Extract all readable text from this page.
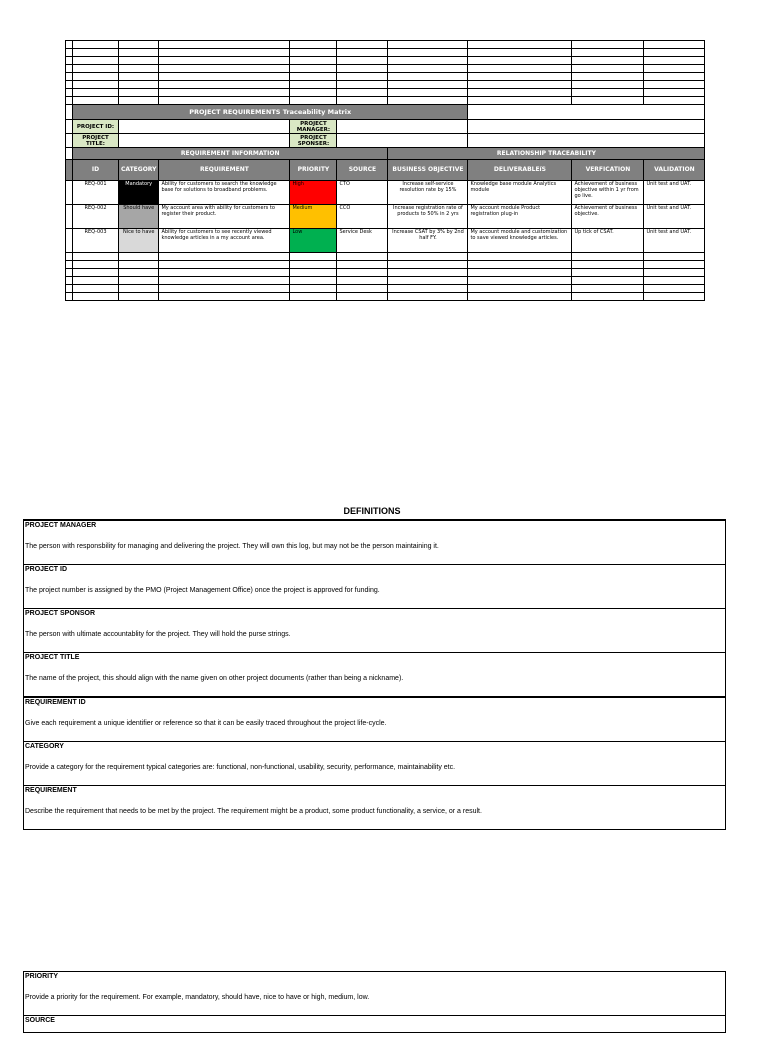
	PROJECT REQUIREMENTS Traceability Matrix								
	PROJECT ID:			PROJECT MANAGER:					
	PROJECT TITLE:			PROJECT SPONSER:					
	REQUIREMENT INFORMATION					RELATIONSHIP TRACEABILITY			
	ID	CATEGORY	REQUIREMENT	PRIORITY	SOURCE	BUSINESS OBJECTIVE	DELIVERABLEíS	VERFICATION	VALIDATION
	REQ-001	Mandatory	Ability for customers to search the knowledge base for solutions to broadband problems.	High	CTO	Increase self-service resolution rate by 15%	Knowledge base module Analytics module	Achievement of business objective within 1 yr from go live.	Unit test and UAT.
	REQ-002	Should have	My account area with ability for customers to register their product.	Medium	CCO	Increase registration rate of products to 50% in 2 yrs	My account module Product registration plug-in	Achievement of business objective.	Unit test and UAT.
	REQ-003	Nice to have	Ability for customers to see recently viewed knowledge articles in a my account area.	Low	Service Desk	Increase CSAT by 3% by 2nd half FY.	My account module and customization to save viewed knowledge articles.	Up tick of CSAT.	Unit test and UAT.

DEFINITIONS
PROJECT MANAGER
The person with responsbility for managing and delivering the project. They will own this log, but may not be the person maintaining it.
PROJECT ID
The project number is assigned by the PMO (Project Management Office) once the project is approved for funding.
PROJECT SPONSOR
The person with ultimate accountablity for the project. They will hold the purse strings.
PROJECT TITLE
The name of the project, this should align with the name given on other project documents (rather than being a nickname).
REQUIREMENT ID
Give each requirement a unique identifier or reference so that it can be easily traced throughout the project life-cycle.
CATEGORY
Provide a category for the requirement typical categories are: functional, non-functional, usability, security, performance, maintainability etc.
REQUIREMENT
Describe the requirement that needs to be met by the project. The requirement might be a product, some product functionality, a service, or a result.
PRIORITY
Provide a priority for the requirement. For example, mandatory, should have, nice to have or high, medium, low.
SOURCE
